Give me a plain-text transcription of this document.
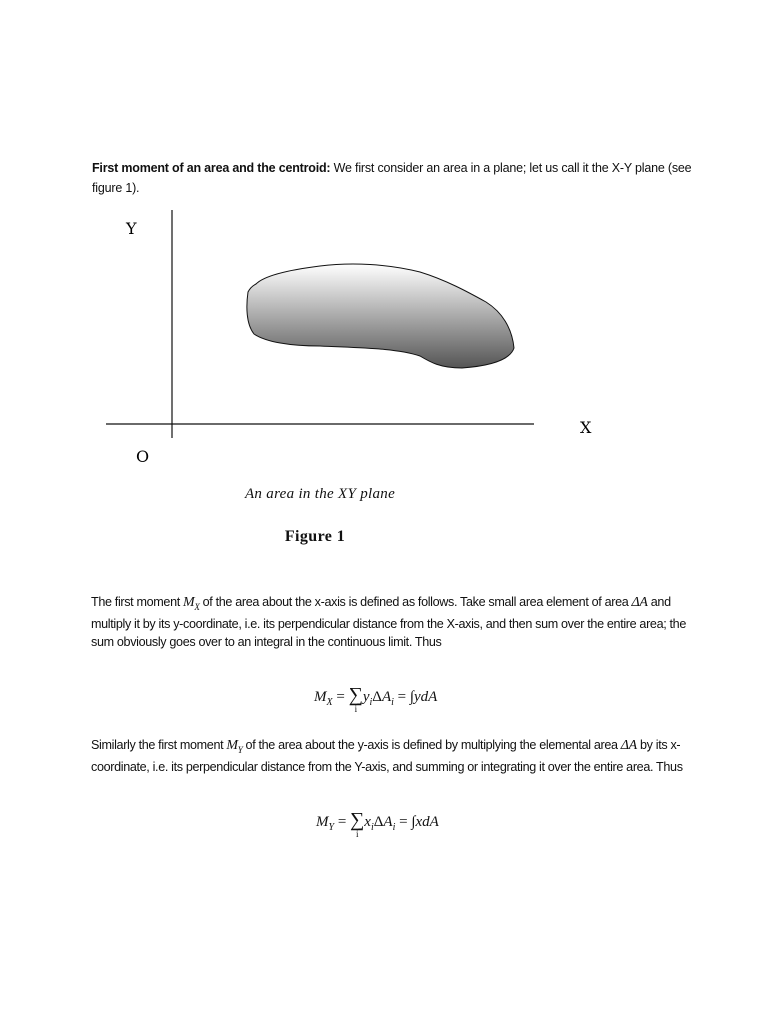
First moment of an area and the centroid: We first consider an area in a plane; let us call it the X-Y plane (see figure 1).
Y
X
O
An area in the XY plane
Figure 1
The first moment $M_X$ of the area about the x-axis is defined as follows. Take small area element of area ΔA and multiply it by its y-coordinate, i.e. its perpendicular distance from the X-axis, and then sum over the entire area; the sum obviously goes over to an integral in the continuous limit. Thus
$M_X$ = ∑
i
$y_i\Delta A_i = \int ydA$
Similarly the first moment $M_Y$ of the area about the y-axis is defined by multiplying the elemental area ΔA by its x-coordinate, i.e. its perpendicular distance from the Y-axis, and summing or integrating it over the entire area. Thus
$M_Y$ = ∑
i
$x_i\Delta A_i = \int xdA$
